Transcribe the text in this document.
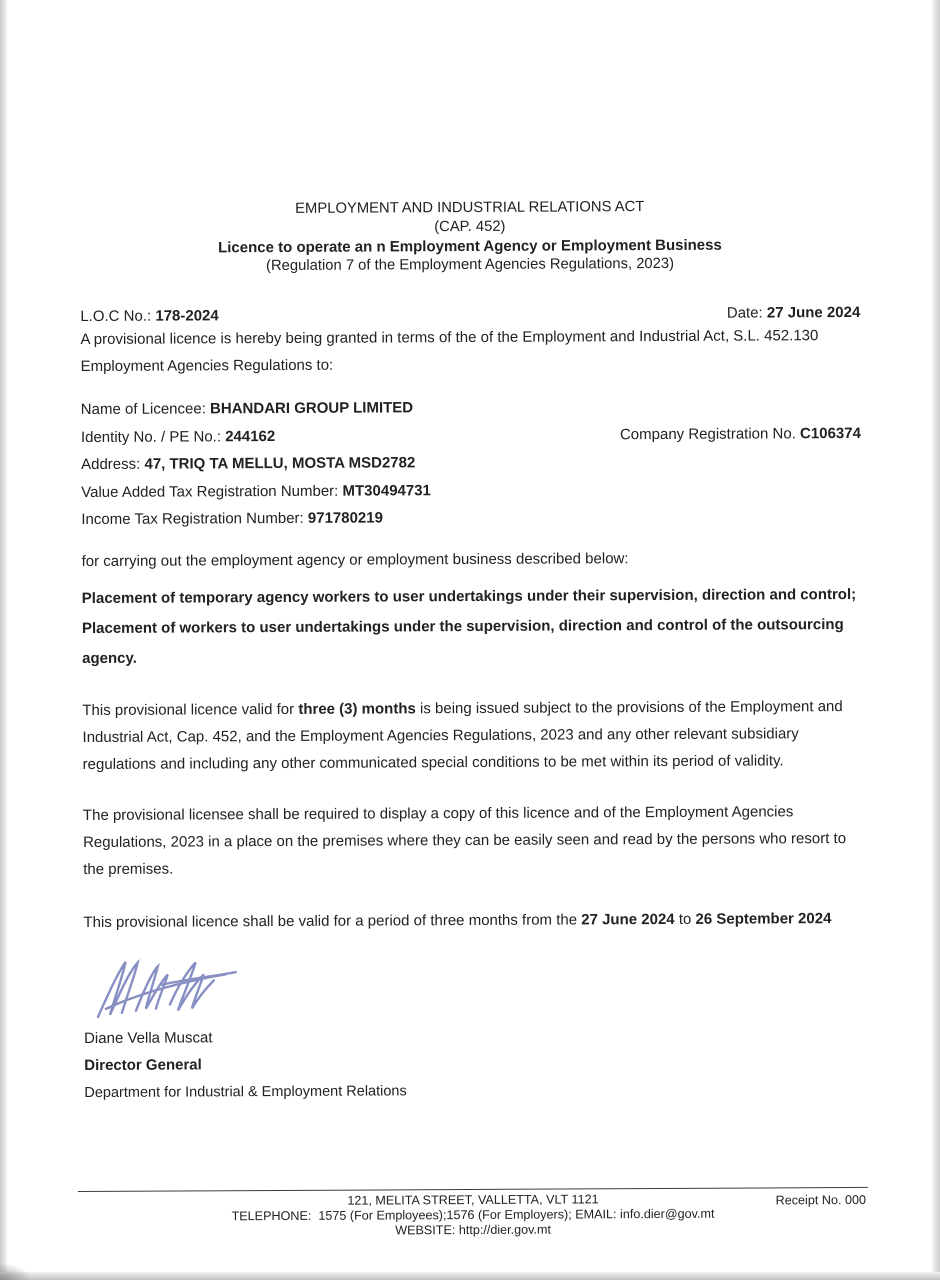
EMPLOYMENT AND INDUSTRIAL RELATIONS ACT
(CAP. 452)
Licence to operate an n Employment Agency or Employment Business
(Regulation 7 of the Employment Agencies Regulations, 2023)
L.O.C No.: 178-2024	Date: 27 June 2024

A provisional licence is hereby being granted in terms of the of the Employment and Industrial Act, S.L. 452.130 Employment Agencies Regulations to:

Name of Licencee: BHANDARI GROUP LIMITED
Identity No. / PE No.: 244162	Company Registration No. C106374
Address: 47, TRIQ TA MELLU, MOSTA MSD2782
Value Added Tax Registration Number: MT30494731
Income Tax Registration Number: 971780219
for carrying out the employment agency or employment business described below:

Placement of temporary agency workers to user undertakings under their supervision, direction and control;

Placement of workers to user undertakings under the supervision, direction and control of the outsourcing agency.

This provisional licence valid for three (3) months is being issued subject to the provisions of the Employment and Industrial Act, Cap. 452, and the Employment Agencies Regulations, 2023 and any other relevant subsidiary regulations and including any other communicated special conditions to be met within its period of validity.

The provisional licensee shall be required to display a copy of this licence and of the Employment Agencies Regulations, 2023 in a place on the premises where they can be easily seen and read by the persons who resort to the premises.

This provisional licence shall be valid for a period of three months from the 27 June 2024 to 26 September 2024

Diane Vella Muscat
Director General
Department for Industrial & Employment Relations
121, MELITA STREET, VALLETTA, VLT 1121
TELEPHONE:  1575 (For Employees);1576 (For Employers); EMAIL: info.dier@gov.mt
WEBSITE: http://dier.gov.mt
Receipt No. 000
